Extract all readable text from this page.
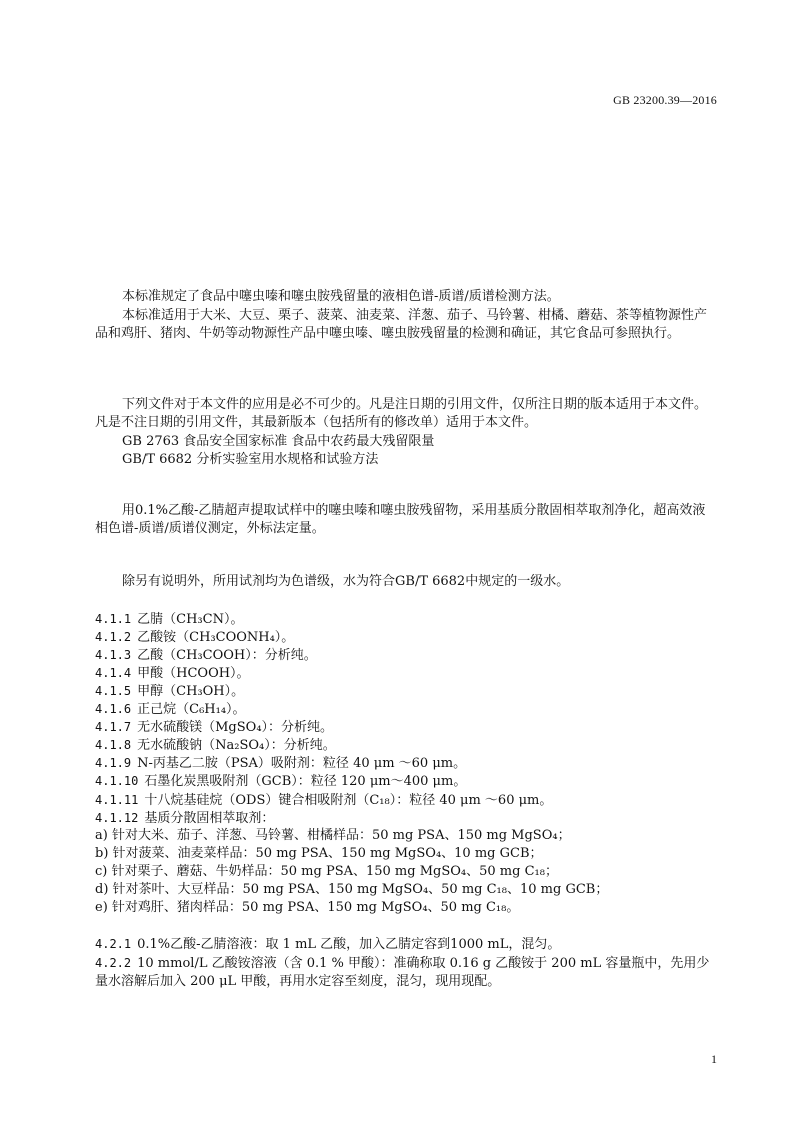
GB 23200.39—2016
本标准规定了食品中噻虫嗪和噻虫胺残留量的液相色谱-质谱/质谱检测方法。
本标准适用于大米、大豆、栗子、菠菜、油麦菜、洋葱、茄子、马铃薯、柑橘、蘑菇、茶等植物源性产品和鸡肝、猪肉、牛奶等动物源性产品中噻虫嗪、噻虫胺残留量的检测和确证，其它食品可参照执行。
下列文件对于本文件的应用是必不可少的。凡是注日期的引用文件，仅所注日期的版本适用于本文件。凡是不注日期的引用文件，其最新版本（包括所有的修改单）适用于本文件。
GB 2763 食品安全国家标准 食品中农药最大残留限量
GB/T 6682 分析实验室用水规格和试验方法
用0.1%乙酸-乙腈超声提取试样中的噻虫嗪和噻虫胺残留物，采用基质分散固相萃取剂净化，超高效液相色谱-质谱/质谱仪测定，外标法定量。
除另有说明外，所用试剂均为色谱级，水为符合GB/T 6682中规定的一级水。
4.1.1 乙腈（CH₃CN）。
4.1.2 乙酸铵（CH₃COONH₄）。
4.1.3 乙酸（CH₃COOH）：分析纯。
4.1.4 甲酸（HCOOH）。
4.1.5 甲醇（CH₃OH）。
4.1.6 正己烷（C₆H₁₄）。
4.1.7 无水硫酸镁（MgSO₄）：分析纯。
4.1.8 无水硫酸钠（Na₂SO₄）：分析纯。
4.1.9 N-丙基乙二胺（PSA）吸附剂：粒径 40 μm ～60 μm。
4.1.10 石墨化炭黑吸附剂（GCB）：粒径 120 μm～400 μm。
4.1.11 十八烷基硅烷（ODS）键合相吸附剂（C₁₈）：粒径 40 μm ～60 μm。
4.1.12 基质分散固相萃取剂：
a) 针对大米、茄子、洋葱、马铃薯、柑橘样品：50 mg PSA、150 mg MgSO₄；
b) 针对菠菜、油麦菜样品：50 mg PSA、150 mg MgSO₄、10 mg GCB；
c) 针对栗子、蘑菇、牛奶样品：50 mg PSA、150 mg MgSO₄、50 mg C₁₈；
d) 针对茶叶、大豆样品：50 mg PSA、150 mg MgSO₄、50 mg C₁₈、10 mg GCB；
e) 针对鸡肝、猪肉样品：50 mg PSA、150 mg MgSO₄、50 mg C₁₈。
4.2.1 0.1%乙酸-乙腈溶液：取 1 mL 乙酸，加入乙腈定容到1000 mL，混匀。
4.2.2 10 mmol/L 乙酸铵溶液（含 0.1 % 甲酸）：准确称取 0.16 g 乙酸铵于 200 mL 容量瓶中，先用少量水溶解后加入 200 μL 甲酸，再用水定容至刻度，混匀，现用现配。
1
